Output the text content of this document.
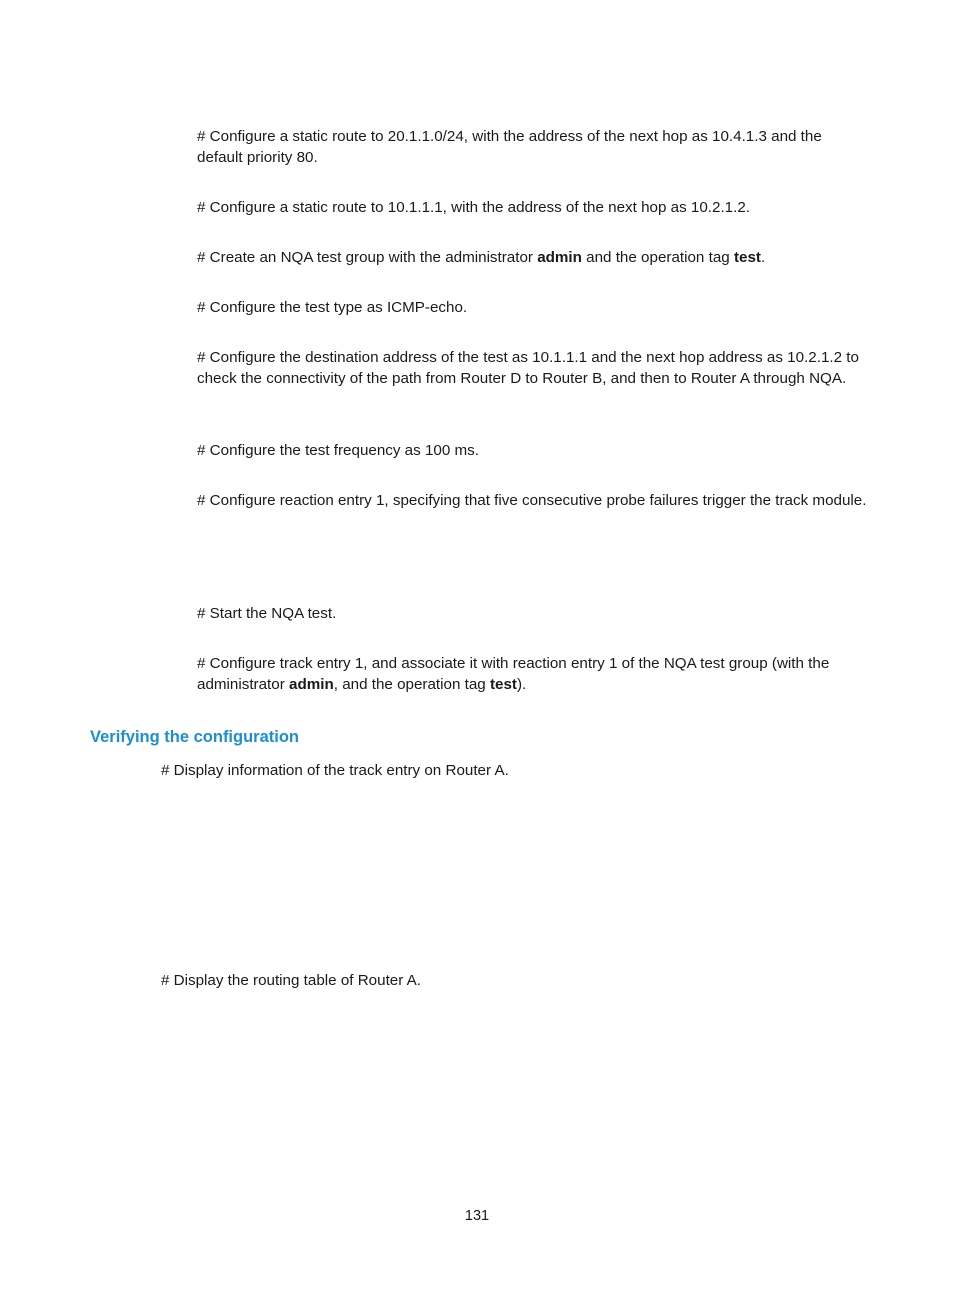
# Configure a static route to 20.1.1.0/24, with the address of the next hop as 10.4.1.3 and the default priority 80.

# Configure a static route to 10.1.1.1, with the address of the next hop as 10.2.1.2.

# Create an NQA test group with the administrator admin and the operation tag test.

# Configure the test type as ICMP-echo.

# Configure the destination address of the test as 10.1.1.1 and the next hop address as 10.2.1.2 to check the connectivity of the path from Router D to Router B, and then to Router A through NQA.

# Configure the test frequency as 100 ms.

# Configure reaction entry 1, specifying that five consecutive probe failures trigger the track module.

# Start the NQA test.

# Configure track entry 1, and associate it with reaction entry 1 of the NQA test group (with the administrator admin, and the operation tag test).

Verifying the configuration

# Display information of the track entry on Router A.

# Display the routing table of Router A.

131
